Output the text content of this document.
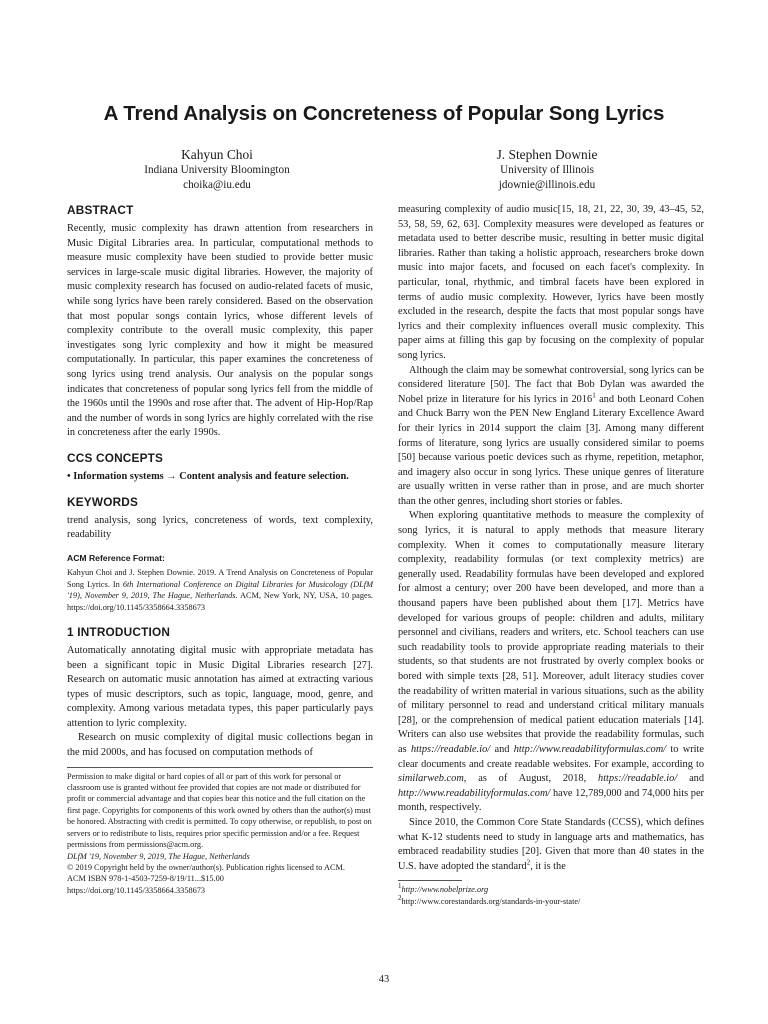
A Trend Analysis on Concreteness of Popular Song Lyrics
Kahyun Choi
Indiana University Bloomington
choika@iu.edu
J. Stephen Downie
University of Illinois
jdownie@illinois.edu
ABSTRACT

Recently, music complexity has drawn attention from researchers in Music Digital Libraries area. In particular, computational methods to measure music complexity have been studied to provide better music services in large-scale music digital libraries. However, the majority of music complexity research has focused on audio-related facets of music, while song lyrics have been rarely considered. Based on the observation that most popular songs contain lyrics, whose different levels of complexity contribute to the overall music complexity, this paper investigates song lyric complexity and how it might be measured computationally. In particular, this paper examines the concreteness of song lyrics using trend analysis. Our analysis on the popular songs indicates that concreteness of popular song lyrics fell from the middle of the 1960s until the 1990s and rose after that. The advent of Hip-Hop/Rap and the number of words in song lyrics are highly correlated with the rise in concreteness after the early 1990s.

CCS CONCEPTS

• Information systems → Content analysis and feature selection.

KEYWORDS

trend analysis, song lyrics, concreteness of words, text complexity, readability

ACM Reference Format:

Kahyun Choi and J. Stephen Downie. 2019. A Trend Analysis on Concreteness of Popular Song Lyrics. In 6th International Conference on Digital Libraries for Musicology (DLfM '19), November 9, 2019, The Hague, Netherlands. ACM, New York, NY, USA, 10 pages. https://doi.org/10.1145/3358664.3358673

1 INTRODUCTION

Automatically annotating digital music with appropriate metadata has been a significant topic in Music Digital Libraries research [27]. Research on automatic music annotation has aimed at extracting various types of music descriptors, such as topic, language, mood, genre, and complexity. Among various metadata types, this paper particularly pays attention to lyric complexity.

Research on music complexity of digital music collections began in the mid 2000s, and has focused on computation methods of

Permission to make digital or hard copies of all or part of this work for personal or classroom use is granted without fee provided that copies are not made or distributed for profit or commercial advantage and that copies bear this notice and the full citation on the first page. Copyrights for components of this work owned by others than the author(s) must be honored. Abstracting with credit is permitted. To copy otherwise, or republish, to post on servers or to redistribute to lists, requires prior specific permission and/or a fee. Request permissions from permissions@acm.org.
DLfM '19, November 9, 2019, The Hague, Netherlands
© 2019 Copyright held by the owner/author(s). Publication rights licensed to ACM.
ACM ISBN 978-1-4503-7259-8/19/11...$15.00
https://doi.org/10.1145/3358664.3358673

measuring complexity of audio music[15, 18, 21, 22, 30, 39, 43–45, 52, 53, 58, 59, 62, 63]. Complexity measures were developed as features or metadata used to better describe music, resulting in better music digital libraries. Rather than taking a holistic approach, researchers broke down music into major facets, and focused on each facet's complexity. In particular, tonal, rhythmic, and timbral facets have been explored in terms of audio music complexity. However, lyrics have been mostly excluded in the research, despite the facts that most popular songs have lyrics and their complexity influences overall music complexity. This paper aims at filling this gap by focusing on the complexity of popular song lyrics.

Although the claim may be somewhat controversial, song lyrics can be considered literature [50]. The fact that Bob Dylan was awarded the Nobel prize in literature for his lyrics in 2016$^1$ and both Leonard Cohen and Chuck Barry won the PEN New England Literary Excellence Award for their lyrics in 2014 support the claim [3]. Among many different forms of literature, song lyrics are usually considered similar to poems [50] because various poetic devices such as rhyme, repetition, metaphor, and imagery also occur in song lyrics. These unique genres of literature are usually written in verse rather than in prose, and are much shorter than the other genres, including short stories or fables.

When exploring quantitative methods to measure the complexity of song lyrics, it is natural to apply methods that measure literary complexity. When it comes to computationally measure literary complexity, readability formulas (or text complexity metrics) are generally used. Readability formulas have been developed and explored for almost a century; over 200 have been developed, and more than a thousand papers have been published about them [17]. Metrics have developed for various groups of people: children and adults, military personnel and civilians, readers and writers, etc. School teachers can use such readability tools to provide appropriate reading materials to their students, so that students are not frustrated by overly complex books or bored with simple texts [28, 51]. Moreover, adult literacy studies cover the readability of written material in various situations, such as the ability of military personnel to read and understand critical military manuals [28], or the comprehension of medical patient education materials [14]. Writers can also use websites that provide the readability formulas, such as https://readable.io/ and http://www.readabilityformulas.com/ to write clear documents and create readable websites. For example, according to similarweb.com, as of August, 2018, https://readable.io/ and http://www.readabilityformulas.com/ have 12,789,000 and 74,000 hits per month, respectively.

Since 2010, the Common Core State Standards (CCSS), which defines what K-12 students need to study in language arts and mathematics, has embraced readability studies [20]. Given that more than 40 states in the U.S. have adopted the standard$^2$, it is the

$^1$http://www.nobelprize.org
$^2$http://www.corestandards.org/standards-in-your-state/
43
